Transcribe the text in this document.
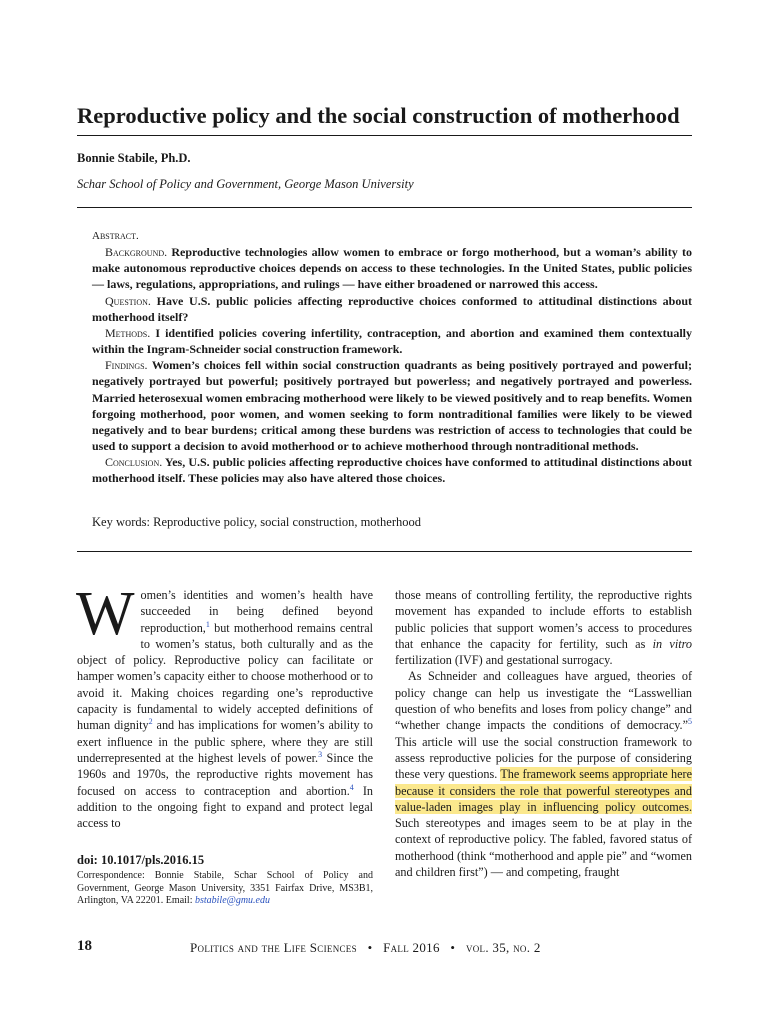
Reproductive policy and the social construction of motherhood
Bonnie Stabile, Ph.D.
Schar School of Policy and Government, George Mason University

Abstract.

Background. Reproductive technologies allow women to embrace or forgo motherhood, but a woman’s ability to make autonomous reproductive choices depends on access to these technologies. In the United States, public policies — laws, regulations, appropriations, and rulings — have either broadened or narrowed this access.

Question. Have U.S. public policies affecting reproductive choices conformed to attitudinal distinctions about motherhood itself?

Methods. I identified policies covering infertility, contraception, and abortion and examined them contextually within the Ingram-Schneider social construction framework.

Findings. Women’s choices fell within social construction quadrants as being positively portrayed and powerful; negatively portrayed but powerful; positively portrayed but powerless; and negatively portrayed and powerless. Married heterosexual women embracing motherhood were likely to be viewed positively and to reap benefits. Women forgoing motherhood, poor women, and women seeking to form nontraditional families were likely to be viewed negatively and to bear burdens; critical among these burdens was restriction of access to technologies that could be used to support a decision to avoid motherhood or to achieve motherhood through nontraditional methods.

Conclusion. Yes, U.S. public policies affecting reproductive choices have conformed to attitudinal distinctions about motherhood itself. These policies may also have altered those choices.

Key words: Reproductive policy, social construction, motherhood

Women’s identities and women’s health have succeeded in being defined beyond reproduction,$^1$ but motherhood remains central to women’s status, both culturally and as the object of policy. Reproductive policy can facilitate or hamper women’s capacity either to choose motherhood or to avoid it. Making choices regarding one’s reproductive capacity is fundamental to widely accepted definitions of human dignity$^2$ and has implications for women’s ability to exert influence in the public sphere, where they are still underrepresented at the highest levels of power.$^3$ Since the 1960s and 1970s, the reproductive rights movement has focused on access to contraception and abortion.$^4$ In addition to the ongoing fight to expand and protect legal access to

those means of controlling fertility, the reproductive rights movement has expanded to include efforts to establish public policies that support women’s access to procedures that enhance the capacity for fertility, such as in vitro fertilization (IVF) and gestational surrogacy.

As Schneider and colleagues have argued, theories of policy change can help us investigate the “Lasswellian question of who benefits and loses from policy change” and “whether change impacts the conditions of democracy.”$^5$ This article will use the social construction framework to assess reproductive policies for the purpose of considering these very questions. The framework seems appropriate here because it considers the role that powerful stereotypes and value-laden images play in influencing policy outcomes. Such stereotypes and images seem to be at play in the context of reproductive policy. The fabled, favored status of motherhood (think “motherhood and apple pie” and “women and children first”) — and competing, fraught

doi: 10.1017/pls.2016.15
Correspondence: Bonnie Stabile, Schar School of Policy and Government, George Mason University, 3351 Fairfax Drive, MS3B1, Arlington, VA 22201. Email: bstabile@gmu.edu
18	Politics and the Life Sciences • Fall 2016 • vol. 35, no. 2
